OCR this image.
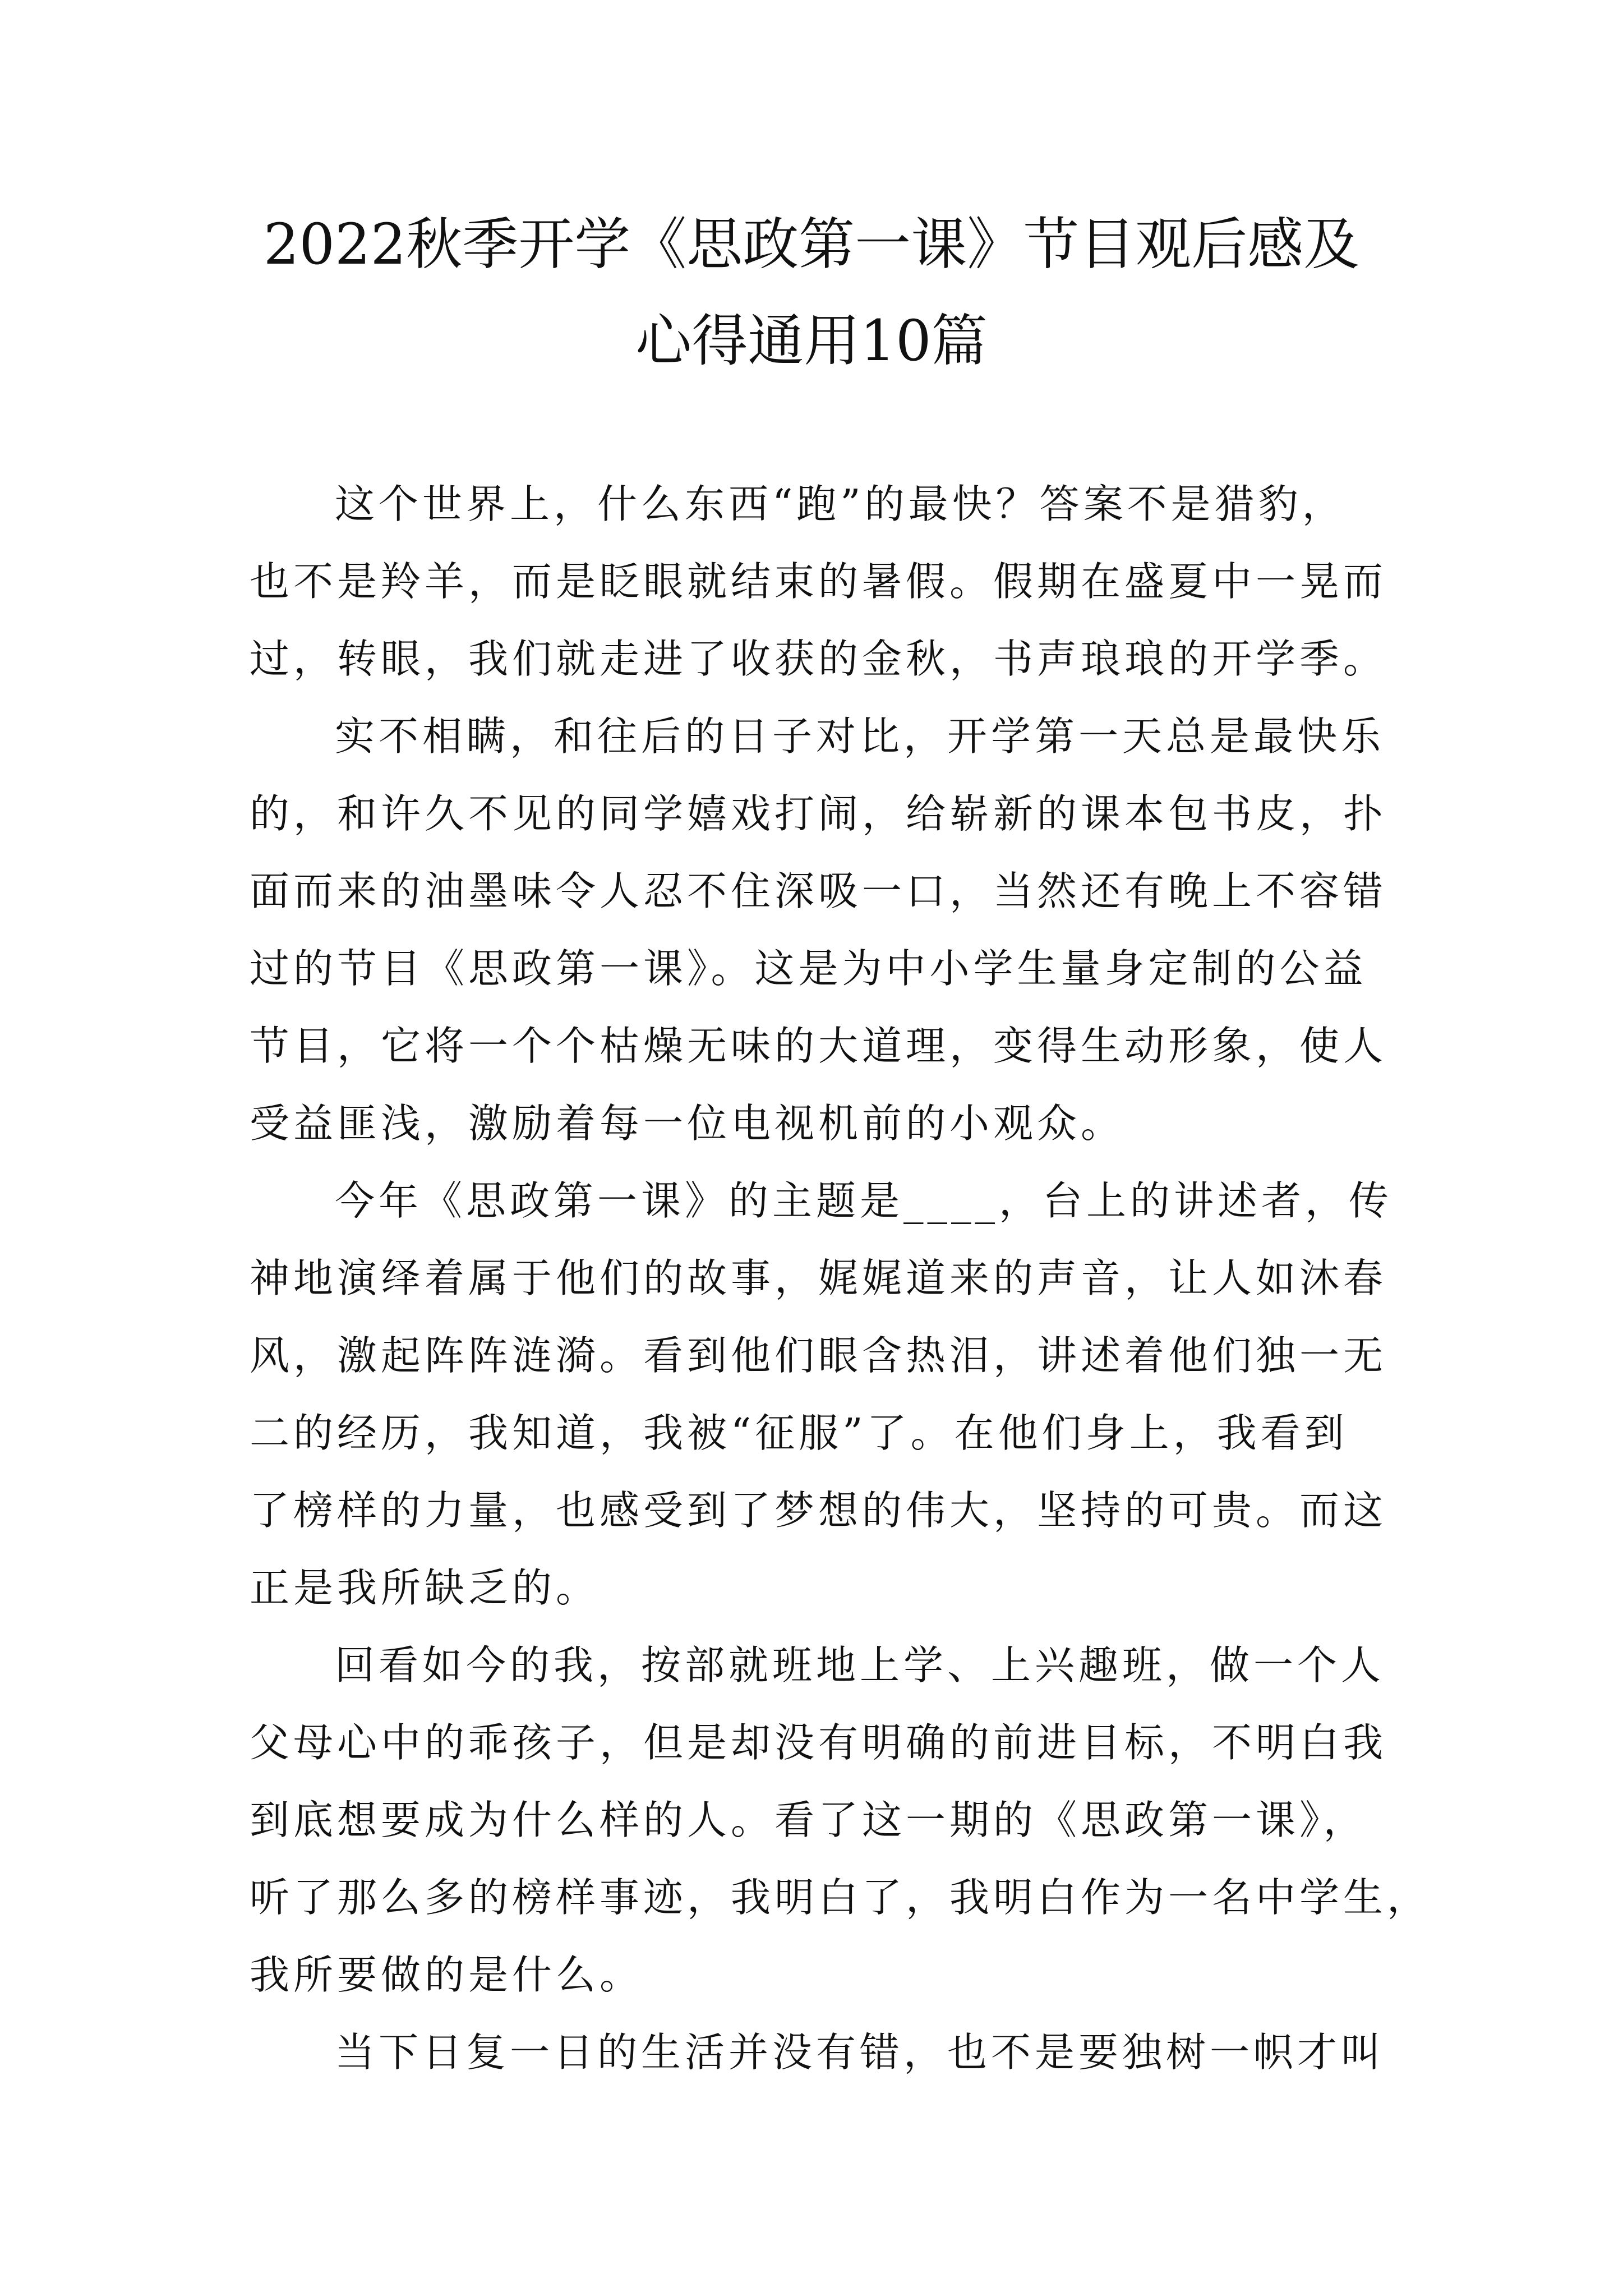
2022秋季开学《思政第一课》节目观后感及
心得通用10篇
这个世界上，什么东西“跑”的最快？答案不是猎豹，
也不是羚羊，而是眨眼就结束的暑假。假期在盛夏中一晃而
过，转眼，我们就走进了收获的金秋，书声琅琅的开学季。
实不相瞒，和往后的日子对比，开学第一天总是最快乐
的，和许久不见的同学嬉戏打闹，给崭新的课本包书皮，扑
面而来的油墨味令人忍不住深吸一口，当然还有晚上不容错
过的节目《思政第一课》。这是为中小学生量身定制的公益
节目，它将一个个枯燥无味的大道理，变得生动形象，使人
受益匪浅，激励着每一位电视机前的小观众。
今年《思政第一课》的主题是____，台上的讲述者，传
神地演绎着属于他们的故事，娓娓道来的声音，让人如沐春
风，激起阵阵涟漪。看到他们眼含热泪，讲述着他们独一无
二的经历，我知道，我被“征服”了。在他们身上，我看到
了榜样的力量，也感受到了梦想的伟大，坚持的可贵。而这
正是我所缺乏的。
回看如今的我，按部就班地上学、上兴趣班，做一个人
父母心中的乖孩子，但是却没有明确的前进目标，不明白我
到底想要成为什么样的人。看了这一期的《思政第一课》，
听了那么多的榜样事迹，我明白了，我明白作为一名中学生，
我所要做的是什么。
当下日复一日的生活并没有错，也不是要独树一帜才叫
